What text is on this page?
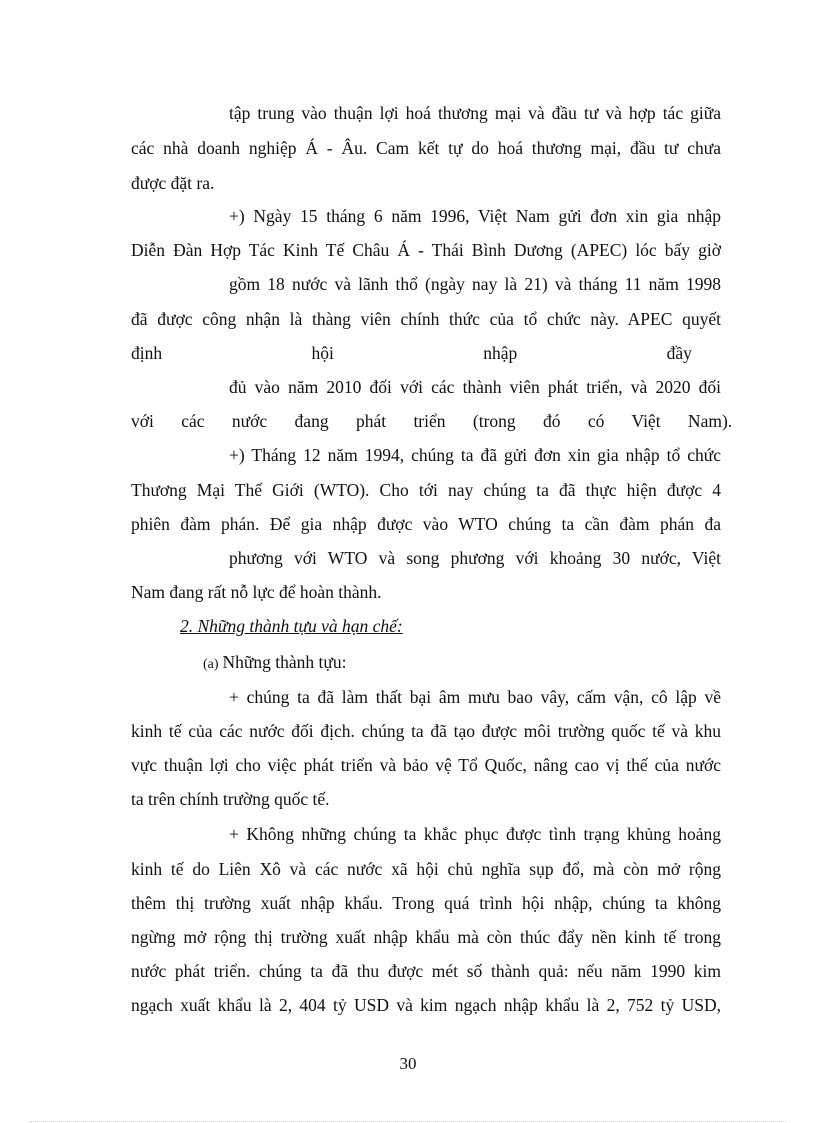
tập trung vào thuận lợi hoá thương mại và đầu tư và hợp tác giữa

các nhà doanh nghiệp Á - Âu. Cam kết tự do hoá thương mại, đầu tư chưa

được đặt ra.

+) Ngày 15 tháng 6 năm 1996, Việt Nam gửi đơn xin gia nhập

Diễn Đàn Hợp Tác Kinh Tế Châu Á - Thái Bình Dương (APEC) lóc bấy giờ

gồm 18 nước và lãnh thổ (ngày nay là 21) và tháng 11 năm 1998

đã được công nhận là thàng viên chính thức của tổ chức này. APEC quyết

định hội nhập đầy

đủ vào năm 2010 đối với các thành viên phát triển, và 2020 đối

với các nước đang phát triển (trong đó có Việt Nam).

+) Tháng 12 năm 1994, chúng ta đã gửi đơn xin gia nhập tổ chức

Thương Mại Thế Giới (WTO). Cho tới nay chúng ta đã thực hiện được 4

phiên đàm phán. Để gia nhập được vào WTO chúng ta cần đàm phán đa

phương với WTO và song phương với khoảng 30 nước, Việt

Nam đang rất nỗ lực để hoàn thành.

2. Những thành tựu và hạn chế:

(a) Những thành tựu:

+ chúng ta đã làm thất bại âm mưu bao vây, cấm vận, cô lập về

kinh tế của các nước đối địch. chúng ta đã tạo được môi trường quốc tế và khu

vực thuận lợi cho việc phát triển và bảo vệ Tổ Quốc, nâng cao vị thế của nước

ta trên chính trường quốc tế.

+ Không những chúng ta khắc phục được tình trạng khủng hoảng

kinh tế do Liên Xô và các nước xã hội chủ nghĩa sụp đổ, mà còn mở rộng

thêm thị trường xuất nhập khẩu. Trong quá trình hội nhập, chúng ta không

ngừng mở rộng thị trường xuất nhập khẩu mà còn thúc đẩy nền kinh tế trong

nước phát triển. chúng ta đã thu được mét số thành quả: nếu năm 1990 kim

ngạch xuất khẩu là 2, 404 tỷ USD và kim ngạch nhập khẩu là 2, 752 tỷ USD,

30
